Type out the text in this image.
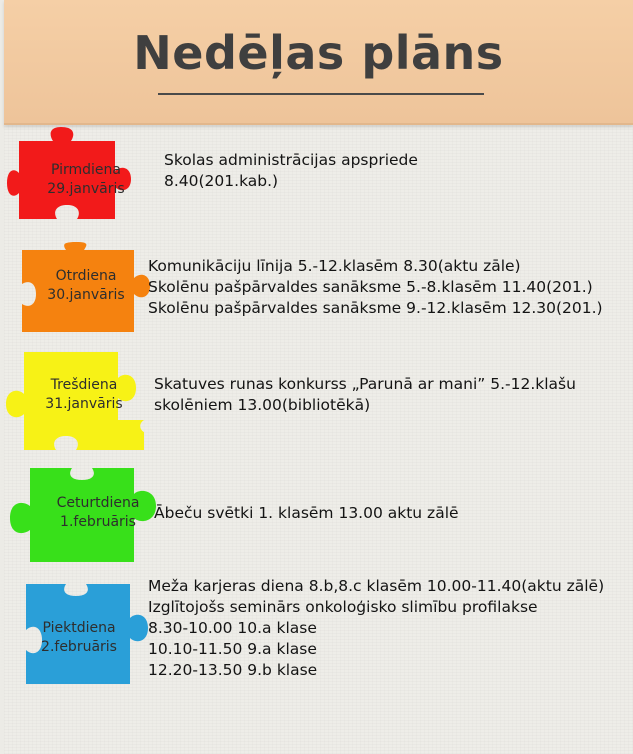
Nedēļas plāns
Pirmdiena
29.janvāris
Skolas administrācijas apspriede
8.40(201.kab.)
Otrdiena
30.janvāris
Komunikāciju līnija 5.-12.klasēm 8.30(aktu zāle)
Skolēnu pašpārvaldes sanāksme 5.-8.klasēm 11.40(201.)
Skolēnu pašpārvaldes sanāksme 9.-12.klasēm 12.30(201.)
Trešdiena
31.janvāris
Skatuves runas konkurss „Parunā ar mani” 5.-12.klašu
skolēniem 13.00(bibliotēkā)
Ceturtdiena
1.februāris	Ābeču svētki 1. klasēm 13.00 aktu zālē
Piektdiena
2.februāris
Meža karjeras diena 8.b,8.c klasēm 10.00-11.40(aktu zālē)
Izglītojošs seminārs onkoloģisko slimību profilakse
8.30-10.00 10.a klase
10.10-11.50 9.a klase
12.20-13.50 9.b klase
